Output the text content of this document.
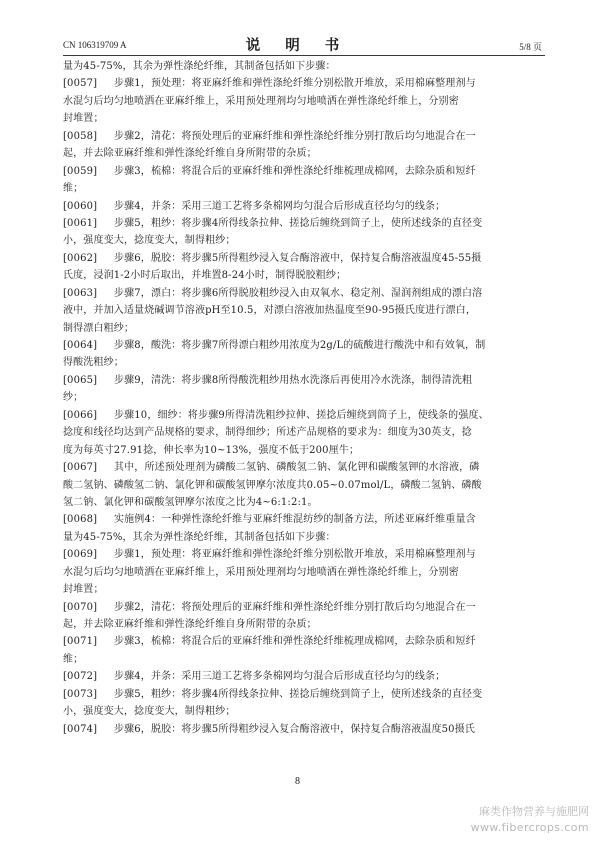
CN 106319709 A	说 明 书	5/8 页
量为45-75%，其余为弹性涤纶纤维，其制备包括如下步骤：
[0057] 步骤1，预处理：将亚麻纤维和弹性涤纶纤维分别松散开堆放，采用棉麻整理剂与
水混匀后均匀地喷洒在亚麻纤维上，采用预处理剂均匀地喷洒在弹性涤纶纤维上，分别密
封堆置；
[0058] 步骤2，清花：将预处理后的亚麻纤维和弹性涤纶纤维分别打散后均匀地混合在一
起，并去除亚麻纤维和弹性涤纶纤维自身所附带的杂质；
[0059] 步骤3，梳棉：将混合后的亚麻纤维和弹性涤纶纤维梳理成棉网，去除杂质和短纤
维；
[0060] 步骤4，并条：采用三道工艺将多条棉网均匀混合后形成直径均匀的线条；
[0061] 步骤5，粗纱：将步骤4所得线条拉伸、搓捻后缠绕到筒子上，使所述线条的直径变
小，强度变大，捻度变大，制得粗纱；
[0062] 步骤6，脱胶：将步骤5所得粗纱浸入复合酶溶液中，保持复合酶溶液温度45-55摄
氏度，浸润1-2小时后取出，并堆置8-24小时，制得脱胶粗纱；
[0063] 步骤7，漂白：将步骤6所得脱胶粗纱浸入由双氧水、稳定剂、湿润剂组成的漂白溶
液中，并加入适量烧碱调节溶液pH至10.5，对漂白溶液加热温度至90-95摄氏度进行漂白，
制得漂白粗纱；
[0064] 步骤8，酸洗：将步骤7所得漂白粗纱用浓度为2g/L的硫酸进行酸洗中和有效氧，制
得酸洗粗纱；
[0065] 步骤9，清洗：将步骤8所得酸洗粗纱用热水洗涤后再使用冷水洗涤，制得清洗粗
纱；
[0066] 步骤10，细纱：将步骤9所得清洗粗纱拉伸、搓捻后缠绕到筒子上，使线条的强度、
捻度和线径均达到产品规格的要求，制得细纱；所述产品规格的要求为：细度为30英支，捻
度为每英寸27.91捻，伸长率为10~13%，强度不低于200厘牛；
[0067] 其中，所述预处理剂为磷酸二氢钠、磷酸氢二钠、氯化钾和碳酸氢钾的水溶液，磷
酸二氢钠、磷酸氢二钠、氯化钾和碳酸氢钾摩尔浓度共0.05~0.07mol/L，磷酸二氢钠、磷酸
氢二钠、氯化钾和碳酸氢钾摩尔浓度之比为4~6:1:2:1。
[0068] 实施例4：一种弹性涤纶纤维与亚麻纤维混纺纱的制备方法，所述亚麻纤维重量含
量为45-75%，其余为弹性涤纶纤维，其制备包括如下步骤：
[0069] 步骤1，预处理：将亚麻纤维和弹性涤纶纤维分别松散开堆放，采用棉麻整理剂与
水混匀后均匀地喷洒在亚麻纤维上，采用预处理剂均匀地喷洒在弹性涤纶纤维上，分别密
封堆置；
[0070] 步骤2，清花：将预处理后的亚麻纤维和弹性涤纶纤维分别打散后均匀地混合在一
起，并去除亚麻纤维和弹性涤纶纤维自身所附带的杂质；
[0071] 步骤3，梳棉：将混合后的亚麻纤维和弹性涤纶纤维梳理成棉网，去除杂质和短纤
维；
[0072] 步骤4，并条：采用三道工艺将多条棉网均匀混合后形成直径均匀的线条；
[0073] 步骤5，粗纱：将步骤4所得线条拉伸、搓捻后缠绕到筒子上，使所述线条的直径变
小，强度变大，捻度变大，制得粗纱；
[0074] 步骤6，脱胶：将步骤5所得粗纱浸入复合酶溶液中，保持复合酶溶液温度50摄氏
8
麻类作物营养与施肥网
www.fibercrops.com
